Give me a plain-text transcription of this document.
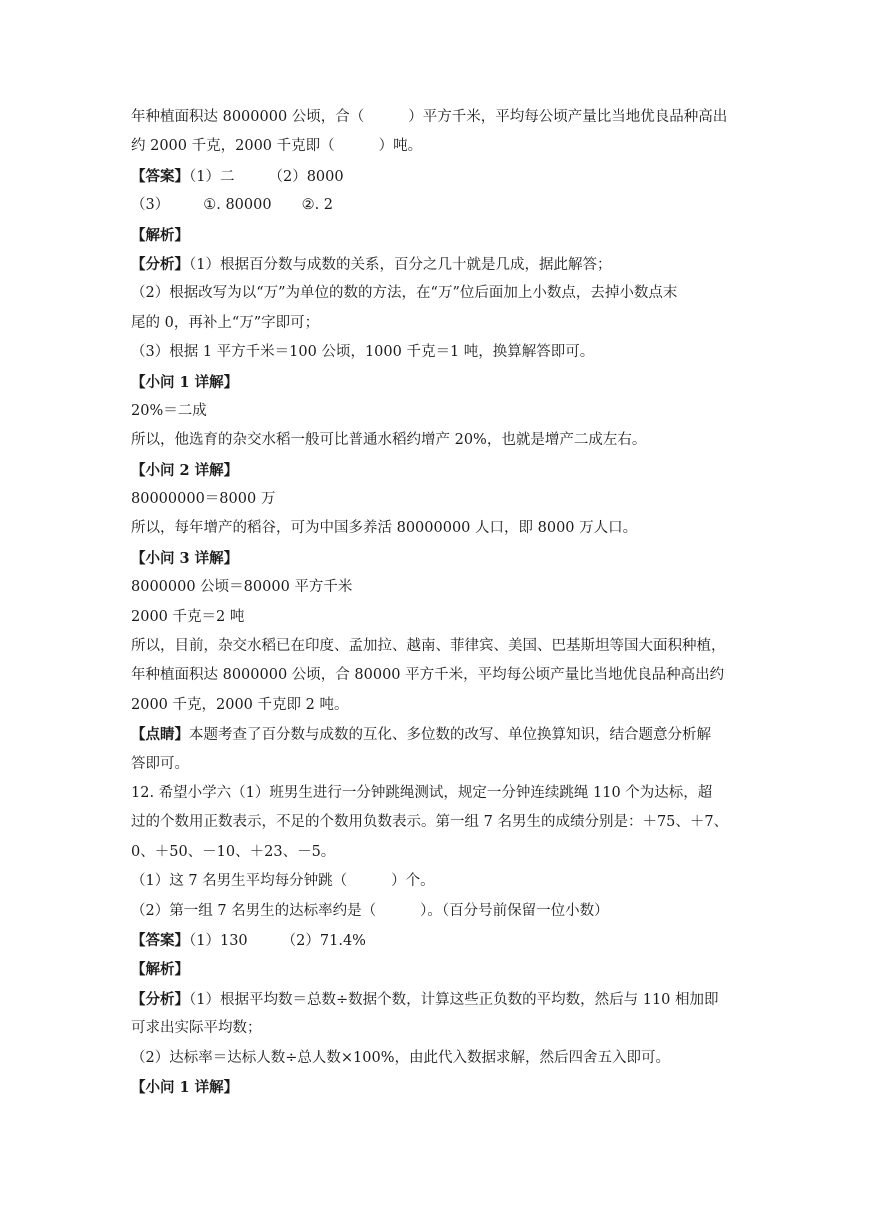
年种植面积达 8000000 公顷，合（	）平方千米，平均每公顷产量比当地优良品种高出
约 2000 千克，2000 千克即（	）吨。
【答案】（1）二 （2）8000
（3） ①. 80000 ②. 2
【解析】
【分析】（1）根据百分数与成数的关系，百分之几十就是几成，据此解答；
（2）根据改写为以“万”为单位的数的方法，在“万”位后面加上小数点，去掉小数点末
尾的 0，再补上“万”字即可；
（3）根据 1 平方千米＝100 公顷，1000 千克＝1 吨，换算解答即可。
【小问 1 详解】
20%＝二成
所以，他选育的杂交水稻一般可比普通水稻约增产 20%，也就是增产二成左右。
【小问 2 详解】
80000000＝8000 万
所以，每年增产的稻谷，可为中国多养活 80000000 人口，即 8000 万人口。
【小问 3 详解】
8000000 公顷＝80000 平方千米
2000 千克＝2 吨
所以，目前，杂交水稻已在印度、孟加拉、越南、菲律宾、美国、巴基斯坦等国大面积种植，
年种植面积达 8000000 公顷，合 80000 平方千米，平均每公顷产量比当地优良品种高出约
2000 千克，2000 千克即 2 吨。
【点睛】本题考查了百分数与成数的互化、多位数的改写、单位换算知识，结合题意分析解
答即可。
12. 希望小学六（1）班男生进行一分钟跳绳测试，规定一分钟连续跳绳 110 个为达标，超
过的个数用正数表示，不足的个数用负数表示。第一组 7 名男生的成绩分别是：＋75、＋7、
0、＋50、－10、＋23、－5。
（1）这 7 名男生平均每分钟跳（	）个。
（2）第一组 7 名男生的达标率约是（	）。（百分号前保留一位小数）
【答案】（1）130 （2）71.4%
【解析】
【分析】（1）根据平均数＝总数÷数据个数，计算这些正负数的平均数，然后与 110 相加即
可求出实际平均数；
（2）达标率＝达标人数÷总人数×100%，由此代入数据求解，然后四舍五入即可。
【小问 1 详解】
